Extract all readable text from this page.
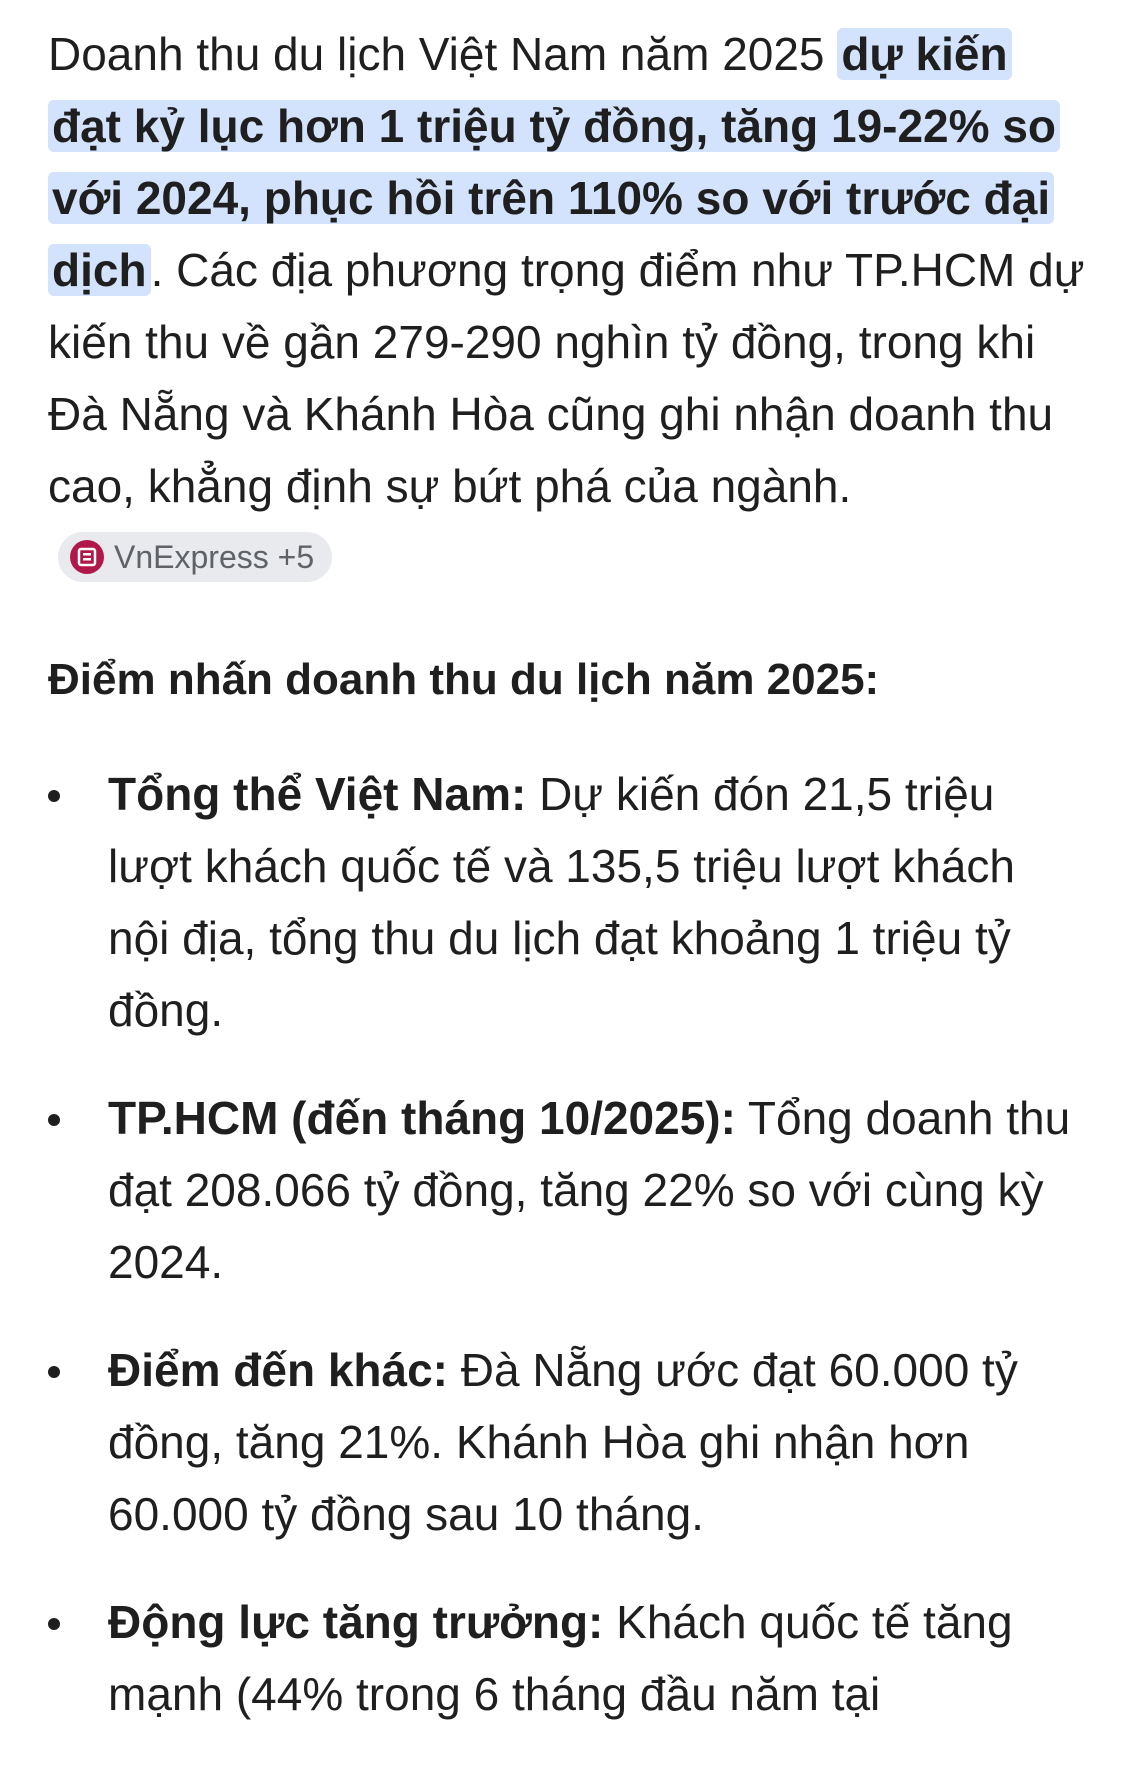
Doanh thu du lịch Việt Nam năm 2025 dự kiến đạt kỷ lục hơn 1 triệu tỷ đồng, tăng 19-22% so với 2024, phục hồi trên 110% so với trước đại dịch. Các địa phương trọng điểm như TP.HCM dự kiến thu về gần 279-290 nghìn tỷ đồng, trong khi Đà Nẵng và Khánh Hòa cũng ghi nhận doanh thu cao, khẳng định sự bứt phá của ngành.
VnExpress +5

Điểm nhấn doanh thu du lịch năm 2025:
Tổng thể Việt Nam: Dự kiến đón 21,5 triệu lượt khách quốc tế và 135,5 triệu lượt khách nội địa, tổng thu du lịch đạt khoảng 1 triệu tỷ đồng.
TP.HCM (đến tháng 10/2025): Tổng doanh thu đạt 208.066 tỷ đồng, tăng 22% so với cùng kỳ 2024.
Điểm đến khác: Đà Nẵng ước đạt 60.000 tỷ đồng, tăng 21%. Khánh Hòa ghi nhận hơn 60.000 tỷ đồng sau 10 tháng.
Động lực tăng trưởng: Khách quốc tế tăng mạnh (44% trong 6 tháng đầu năm tại
